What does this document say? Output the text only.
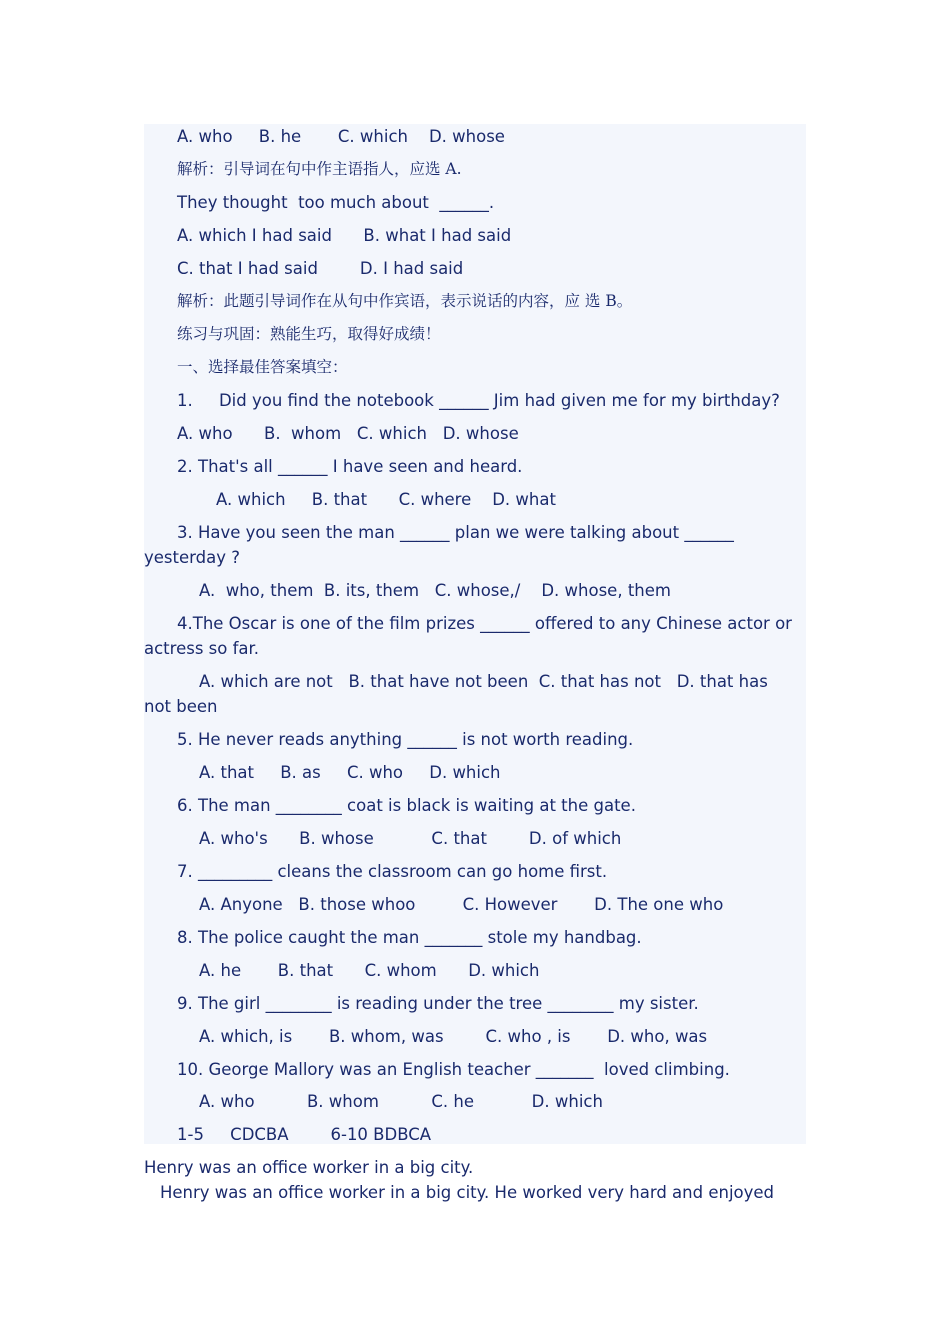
A. who     B. he       C. which    D. whose

解析：引导词在句中作主语指人，应选 A.

They thought  too much about  ______.

A. which I had said      B. what I had said

C. that I had said        D. I had said

解析：此题引导词作在从句中作宾语，表示说话的内容，应 选 B。

练习与巩固：熟能生巧，取得好成绩！

一、选择最佳答案填空：

1.     Did you find the notebook ______ Jim had given me for my birthday?

A. who      B.  whom   C. which   D. whose

2. That's all ______ I have seen and heard.

A. which     B. that      C. where    D. what

3. Have you seen the man ______ plan we were talking about ______

yesterday ?

A.  who, them  B. its, them   C. whose,/    D. whose, them

4.The Oscar is one of the film prizes ______ offered to any Chinese actor or

actress so far.

A. which are not   B. that have not been  C. that has not   D. that has

not been

5. He never reads anything ______ is not worth reading.

A. that     B. as     C. who     D. which

6. The man ________ coat is black is waiting at the gate.

A. who's      B. whose           C. that        D. of which

7. _________ cleans the classroom can go home first.

A. Anyone   B. those whoo         C. However       D. The one who

8. The police caught the man _______ stole my handbag.

A. he       B. that      C. whom      D. which

9. The girl ________ is reading under the tree ________ my sister.

A. which, is       B. whom, was        C. who , is       D. who, was

10. George Mallory was an English teacher _______  loved climbing.

A. who          B. whom          C. he           D. which

1-5     CDCBA        6-10 BDBCA

Henry was an office worker in a big city.

Henry was an office worker in a big city. He worked very hard and enjoyed
